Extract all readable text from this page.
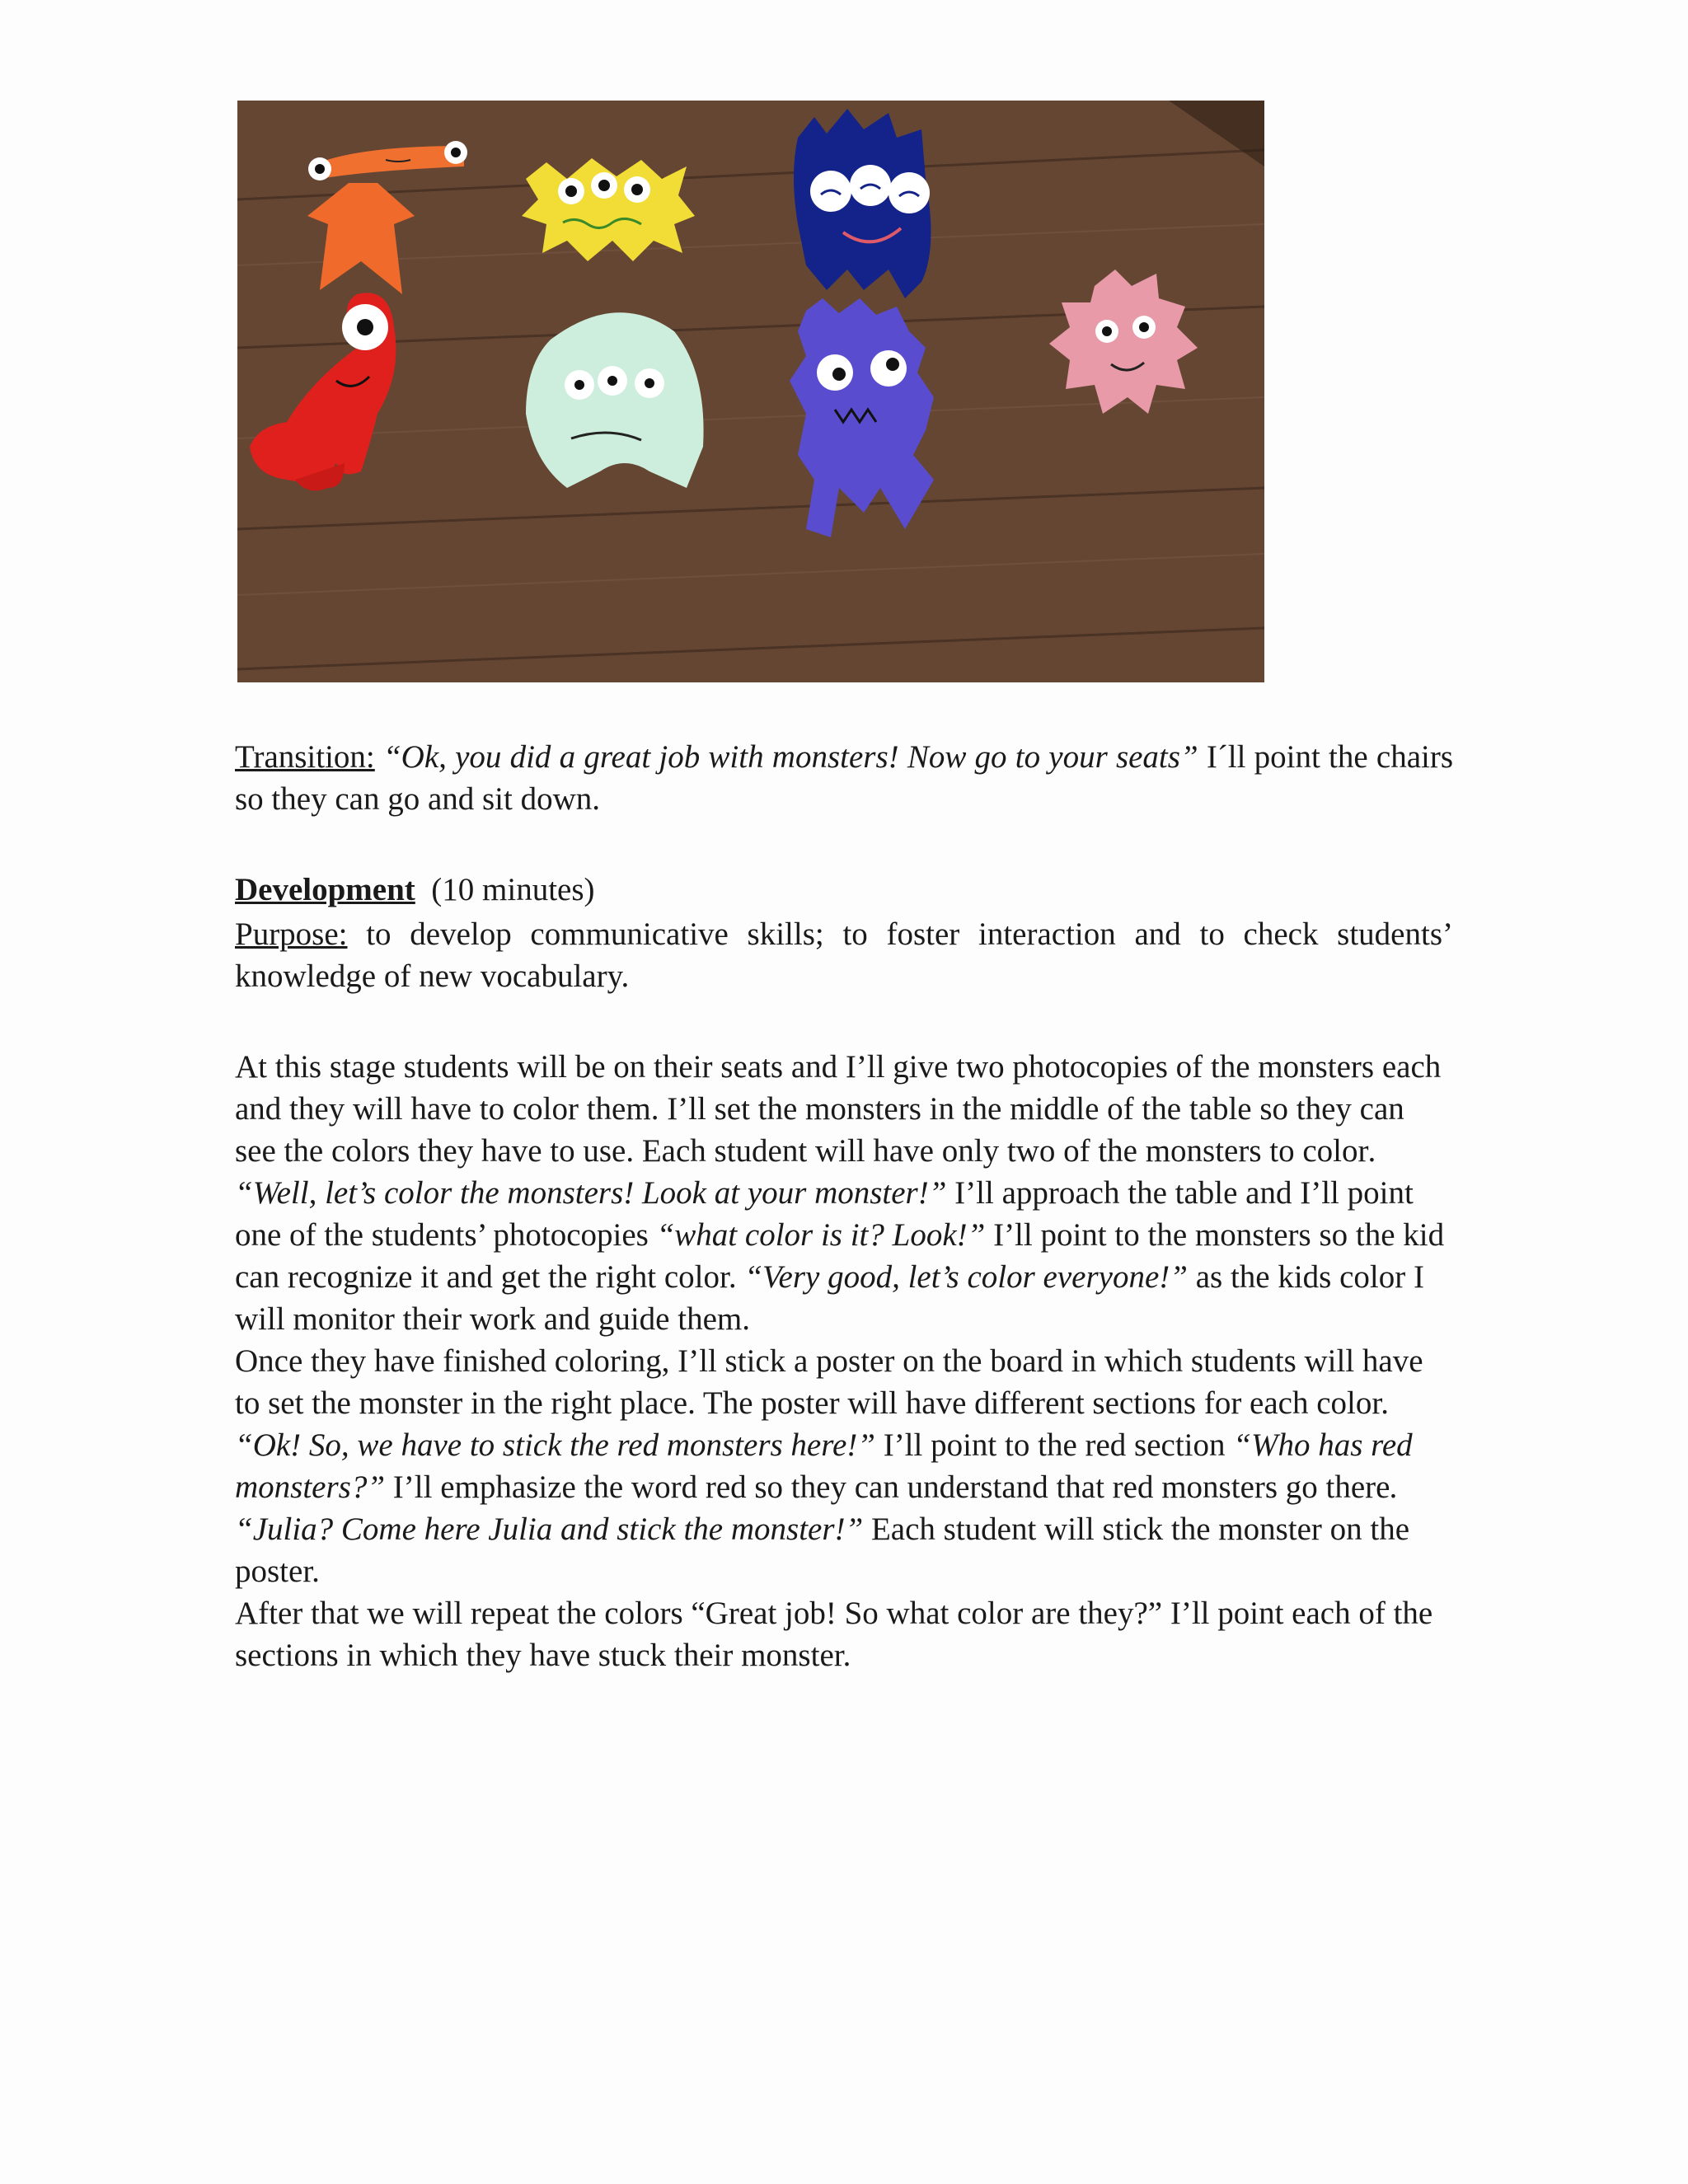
Transition: “Ok, you did a great job with monsters! Now go to your seats” I´ll point the chairs so they can go and sit down.

Development (10 minutes)

Purpose: to develop communicative skills; to foster interaction and to check students’ knowledge of new vocabulary.

At this stage students will be on their seats and I’ll give two photocopies of the monsters each and they will have to color them. I’ll set the monsters in the middle of the table so they can see the colors they have to use. Each student will have only two of the monsters to color. “Well, let’s color the monsters! Look at your monster!” I’ll approach the table and I’ll point one of the students’ photocopies “what color is it? Look!” I’ll point to the monsters so the kid can recognize it and get the right color. “Very good, let’s color everyone!” as the kids color I will monitor their work and guide them.

Once they have finished coloring, I’ll stick a poster on the board in which students will have to set the monster in the right place. The poster will have different sections for each color. “Ok! So, we have to stick the red monsters here!” I’ll point to the red section “Who has red monsters?” I’ll emphasize the word red so they can understand that red monsters go there. “Julia? Come here Julia and stick the monster!” Each student will stick the monster on the poster.

After that we will repeat the colors “Great job! So what color are they?” I’ll point each of the sections in which they have stuck their monster.
